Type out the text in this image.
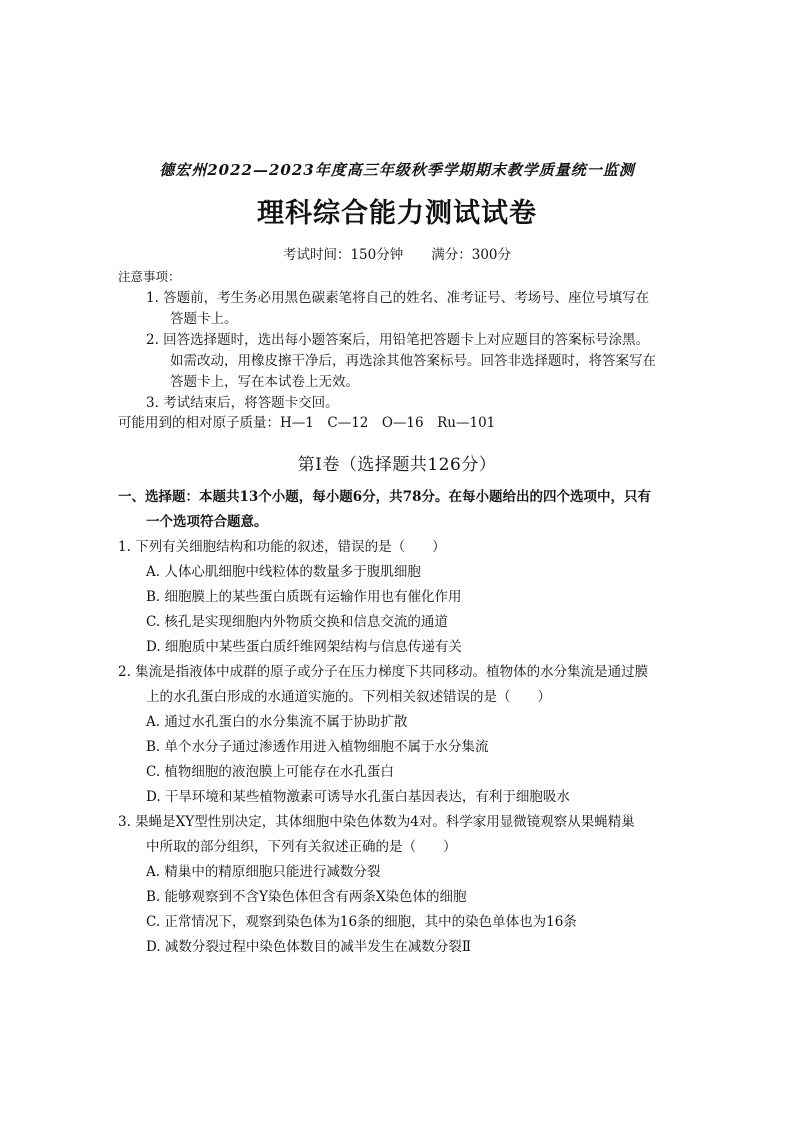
德宏州2022—2023年度高三年级秋季学期期末教学质量统一监测
理科综合能力测试试卷
考试时间：150分钟 满分：300分
注意事项：
1. 答题前，考生务必用黑色碳素笔将自己的姓名、准考证号、考场号、座位号填写在
答题卡上。
2. 回答选择题时，选出每小题答案后，用铅笔把答题卡上对应题目的答案标号涂黑。
如需改动，用橡皮擦干净后，再选涂其他答案标号。回答非选择题时，将答案写在
答题卡上，写在本试卷上无效。
3. 考试结束后，将答题卡交回。
可能用到的相对原子质量：H—1　C—12　O—16　Ru—101
第Ⅰ卷（选择题共126分）
一、选择题：本题共13个小题，每小题6分，共78分。在每小题给出的四个选项中，只有
一个选项符合题意。
1. 下列有关细胞结构和功能的叙述，错误的是（　　）
A. 人体心肌细胞中线粒体的数量多于腹肌细胞
B. 细胞膜上的某些蛋白质既有运输作用也有催化作用
C. 核孔是实现细胞内外物质交换和信息交流的通道
D. 细胞质中某些蛋白质纤维网架结构与信息传递有关
2. 集流是指液体中成群的原子或分子在压力梯度下共同移动。植物体的水分集流是通过膜
上的水孔蛋白形成的水通道实施的。下列相关叙述错误的是（　　）
A. 通过水孔蛋白的水分集流不属于协助扩散
B. 单个水分子通过渗透作用进入植物细胞不属于水分集流
C. 植物细胞的液泡膜上可能存在水孔蛋白
D. 干旱环境和某些植物激素可诱导水孔蛋白基因表达，有利于细胞吸水
3. 果蝇是XY型性别决定，其体细胞中染色体数为4对。科学家用显微镜观察从果蝇精巢
中所取的部分组织，下列有关叙述正确的是（　　）
A. 精巢中的精原细胞只能进行减数分裂
B. 能够观察到不含Y染色体但含有两条X染色体的细胞
C. 正常情况下，观察到染色体为16条的细胞，其中的染色单体也为16条
D. 减数分裂过程中染色体数目的减半发生在减数分裂Ⅱ
